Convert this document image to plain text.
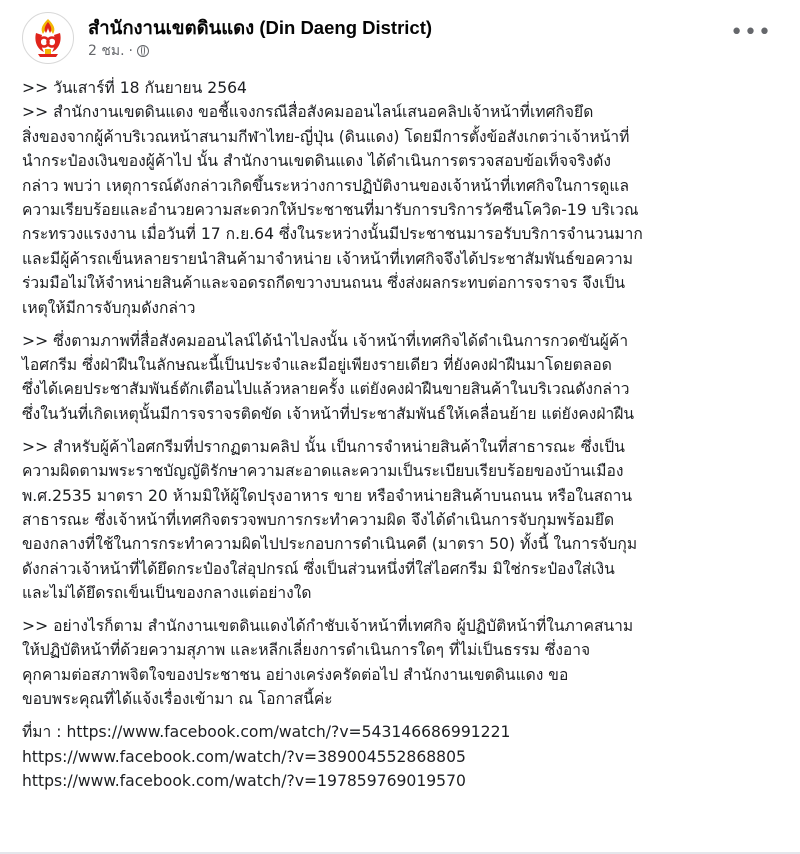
สำนักงานเขตดินแดง (Din Daeng District)
2 ชม. ·
•••

>> วันเสาร์ที่ 18 กันยายน 2564

>> สำนักงานเขตดินแดง ขอชี้แจงกรณีสื่อสังคมออนไลน์เสนอคลิปเจ้าหน้าที่เทศกิจยึด
สิ่งของจากผู้ค้าบริเวณหน้าสนามกีฬาไทย-ญี่ปุ่น (ดินแดง) โดยมีการตั้งข้อสังเกตว่าเจ้าหน้าที่
นำกระป๋องเงินของผู้ค้าไป นั้น สำนักงานเขตดินแดง ได้ดำเนินการตรวจสอบข้อเท็จจริงดัง
กล่าว พบว่า เหตุการณ์ดังกล่าวเกิดขึ้นระหว่างการปฏิบัติงานของเจ้าหน้าที่เทศกิจในการดูแล
ความเรียบร้อยและอำนวยความสะดวกให้ประชาชนที่มารับการบริการวัคซีนโควิด-19 บริเวณ
กระทรวงแรงงาน เมื่อวันที่ 17 ก.ย.64 ซึ่งในระหว่างนั้นมีประชาชนมารอรับบริการจำนวนมาก
และมีผู้ค้ารถเข็นหลายรายนำสินค้ามาจำหน่าย เจ้าหน้าที่เทศกิจจึงได้ประชาสัมพันธ์ขอความ
ร่วมมือไม่ให้จำหน่ายสินค้าและจอดรถกีดขวางบนถนน ซึ่งส่งผลกระทบต่อการจราจร จึงเป็น
เหตุให้มีการจับกุมดังกล่าว

>> ซึ่งตามภาพที่สื่อสังคมออนไลน์ได้นำไปลงนั้น เจ้าหน้าที่เทศกิจได้ดำเนินการกวดขันผู้ค้า
ไอศกรีม ซึ่งฝ่าฝืนในลักษณะนี้เป็นประจำและมีอยู่เพียงรายเดียว ที่ยังคงฝ่าฝืนมาโดยตลอด
ซึ่งได้เคยประชาสัมพันธ์ตักเตือนไปแล้วหลายครั้ง แต่ยังคงฝ่าฝืนขายสินค้าในบริเวณดังกล่าว
ซึ่งในวันที่เกิดเหตุนั้นมีการจราจรติดขัด เจ้าหน้าที่ประชาสัมพันธ์ให้เคลื่อนย้าย แต่ยังคงฝ่าฝืน

>> สำหรับผู้ค้าไอศกรีมที่ปรากฏตามคลิป นั้น เป็นการจำหน่ายสินค้าในที่สาธารณะ ซึ่งเป็น
ความผิดตามพระราชบัญญัติรักษาความสะอาดและความเป็นระเบียบเรียบร้อยของบ้านเมือง
พ.ศ.2535 มาตรา 20 ห้ามมิให้ผู้ใดปรุงอาหาร ขาย หรือจำหน่ายสินค้าบนถนน หรือในสถาน
สาธารณะ ซึ่งเจ้าหน้าที่เทศกิจตรวจพบการกระทำความผิด จึงได้ดำเนินการจับกุมพร้อมยึด
ของกลางที่ใช้ในการกระทำความผิดไปประกอบการดำเนินคดี (มาตรา 50) ทั้งนี้ ในการจับกุม
ดังกล่าวเจ้าหน้าที่ได้ยึดกระป๋องใส่อุปกรณ์ ซึ่งเป็นส่วนหนึ่งที่ใส่ไอศกรีม มิใช่กระป๋องใส่เงิน
และไม่ได้ยึดรถเข็นเป็นของกลางแต่อย่างใด

>> อย่างไรก็ตาม สำนักงานเขตดินแดงได้กำชับเจ้าหน้าที่เทศกิจ ผู้ปฏิบัติหน้าที่ในภาคสนาม
ให้ปฏิบัติหน้าที่ด้วยความสุภาพ และหลีกเลี่ยงการดำเนินการใดๆ ที่ไม่เป็นธรรม ซึ่งอาจ
คุกคามต่อสภาพจิตใจของประชาชน อย่างเคร่งครัดต่อไป สำนักงานเขตดินแดง ขอ
ขอบพระคุณที่ได้แจ้งเรื่องเข้ามา ณ โอกาสนี้ค่ะ

ที่มา : https://www.facebook.com/watch/?v=543146686991221
https://www.facebook.com/watch/?v=389004552868805
https://www.facebook.com/watch/?v=197859769019570
